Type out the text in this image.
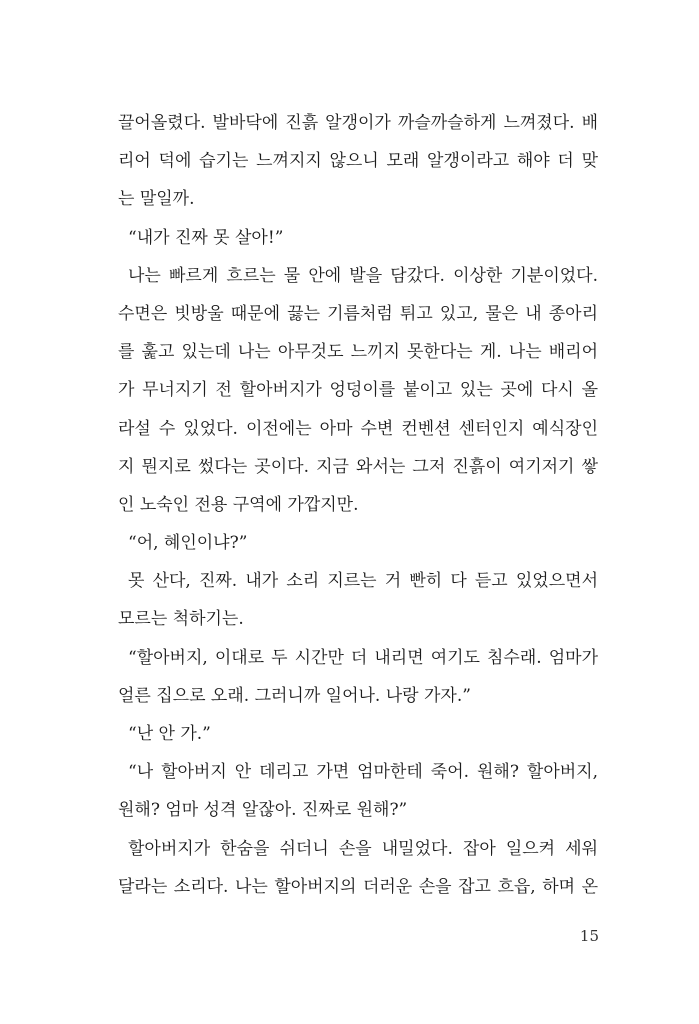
끌어올렸다. 발바닥에 진흙 알갱이가 까슬까슬하게 느껴졌다. 배
리어 덕에 습기는 느껴지지 않으니 모래 알갱이라고 해야 더 맞
는 말일까.
“내가 진짜 못 살아!”
나는 빠르게 흐르는 물 안에 발을 담갔다. 이상한 기분이었다.
수면은 빗방울 때문에 끓는 기름처럼 튀고 있고, 물은 내 종아리
를 훑고 있는데 나는 아무것도 느끼지 못한다는 게. 나는 배리어
가 무너지기 전 할아버지가 엉덩이를 붙이고 있는 곳에 다시 올
라설 수 있었다. 이전에는 아마 수변 컨벤션 센터인지 예식장인
지 뭔지로 썼다는 곳이다. 지금 와서는 그저 진흙이 여기저기 쌓
인 노숙인 전용 구역에 가깝지만.
“어, 혜인이냐?”
못 산다, 진짜. 내가 소리 지르는 거 빤히 다 듣고 있었으면서
모르는 척하기는.
“할아버지, 이대로 두 시간만 더 내리면 여기도 침수래. 엄마가
얼른 집으로 오래. 그러니까 일어나. 나랑 가자.”
“난 안 가.”
“나 할아버지 안 데리고 가면 엄마한테 죽어. 원해? 할아버지,
원해? 엄마 성격 알잖아. 진짜로 원해?”
할아버지가 한숨을 쉬더니 손을 내밀었다. 잡아 일으켜 세워
달라는 소리다. 나는 할아버지의 더러운 손을 잡고 흐읍, 하며 온
15
